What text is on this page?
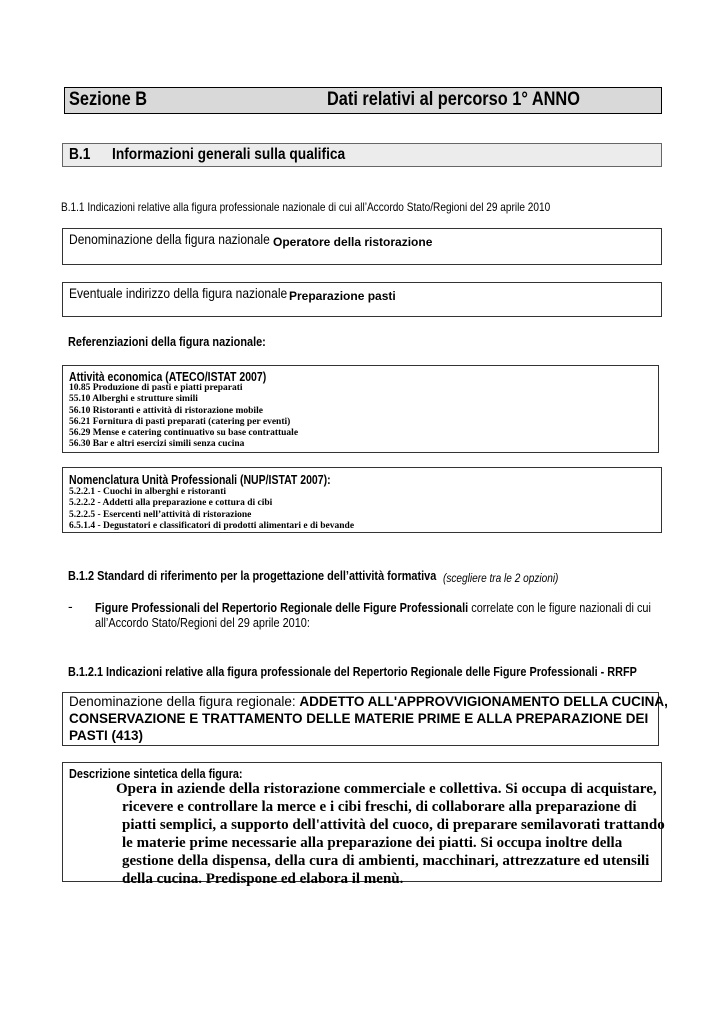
Sezione B	Dati relativi al percorso 1° ANNO
B.1 Informazioni generali sulla qualifica
B.1.1 Indicazioni relative alla figura professionale nazionale di cui all’Accordo Stato/Regioni del 29 aprile 2010
Denominazione della figura nazionale Operatore della ristorazione
Eventuale indirizzo della figura nazionale Preparazione pasti
Referenziazioni della figura nazionale:
Attività economica (ATECO/ISTAT 2007)
10.85 Produzione di pasti e piatti preparati
55.10 Alberghi e strutture simili
56.10 Ristoranti e attività di ristorazione mobile
56.21 Fornitura di pasti preparati (catering per eventi)
56.29 Mense e catering continuativo su base contrattuale
56.30 Bar e altri esercizi simili senza cucina
Nomenclatura Unità Professionali (NUP/ISTAT 2007):
5.2.2.1 - Cuochi in alberghi e ristoranti
5.2.2.2 - Addetti alla preparazione e cottura di cibi
5.2.2.5 - Esercenti nell’attività di ristorazione
6.5.1.4 - Degustatori e classificatori di prodotti alimentari e di bevande
B.1.2 Standard di riferimento per la progettazione dell’attività formativa (scegliere tra le 2 opzioni)
- Figure Professionali del Repertorio Regionale delle Figure Professionali correlate con le figure nazionali di cui
all’Accordo Stato/Regioni del 29 aprile 2010:
B.1.2.1 Indicazioni relative alla figura professionale del Repertorio Regionale delle Figure Professionali - RRFP
Denominazione della figura regionale: ADDETTO ALL'APPROVVIGIONAMENTO DELLA CUCINA,
CONSERVAZIONE E TRATTAMENTO DELLE MATERIE PRIME E ALLA PREPARAZIONE DEI
PASTI (413)
Descrizione sintetica della figura:
Opera in aziende della ristorazione commerciale e collettiva. Si occupa di acquistare,
ricevere e controllare la merce e i cibi freschi, di collaborare alla preparazione di
piatti semplici, a supporto dell'attività del cuoco, di preparare semilavorati trattando
le materie prime necessarie alla preparazione dei piatti. Si occupa inoltre della
gestione della dispensa, della cura di ambienti, macchinari, attrezzature ed utensili
della cucina. Predispone ed elabora il menù.
